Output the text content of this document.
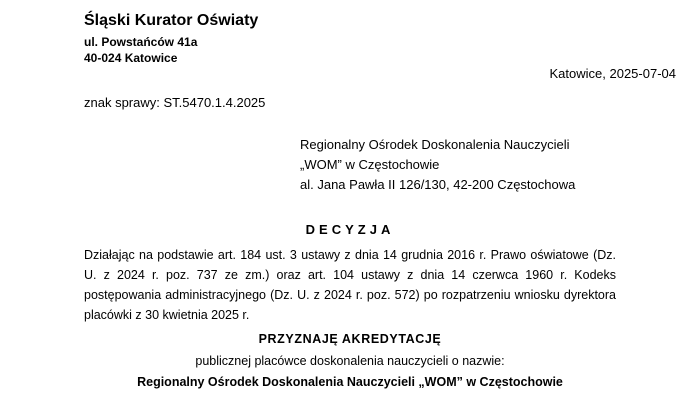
Śląski Kurator Oświaty
ul. Powstańców 41a
40-024 Katowice
Katowice, 2025-07-04
znak sprawy: ST.5470.1.4.2025
Regionalny Ośrodek Doskonalenia Nauczycieli
„WOM” w Częstochowie
al. Jana Pawła II 126/130, 42-200 Częstochowa
DECYZJA

Działając na podstawie art. 184 ust. 3 ustawy z dnia 14 grudnia 2016 r. Prawo oświatowe (Dz. U. z 2024 r. poz. 737 ze zm.) oraz art. 104 ustawy z dnia 14 czerwca 1960 r. Kodeks postępowania administracyjnego (Dz. U. z 2024 r. poz. 572) po rozpatrzeniu wniosku dyrektora placówki z 30 kwietnia 2025 r.

PRZYZNAJĘ AKREDYTACJĘ
publicznej placówce doskonalenia nauczycieli o nazwie:
Regionalny Ośrodek Doskonalenia Nauczycieli „WOM” w Częstochowie
